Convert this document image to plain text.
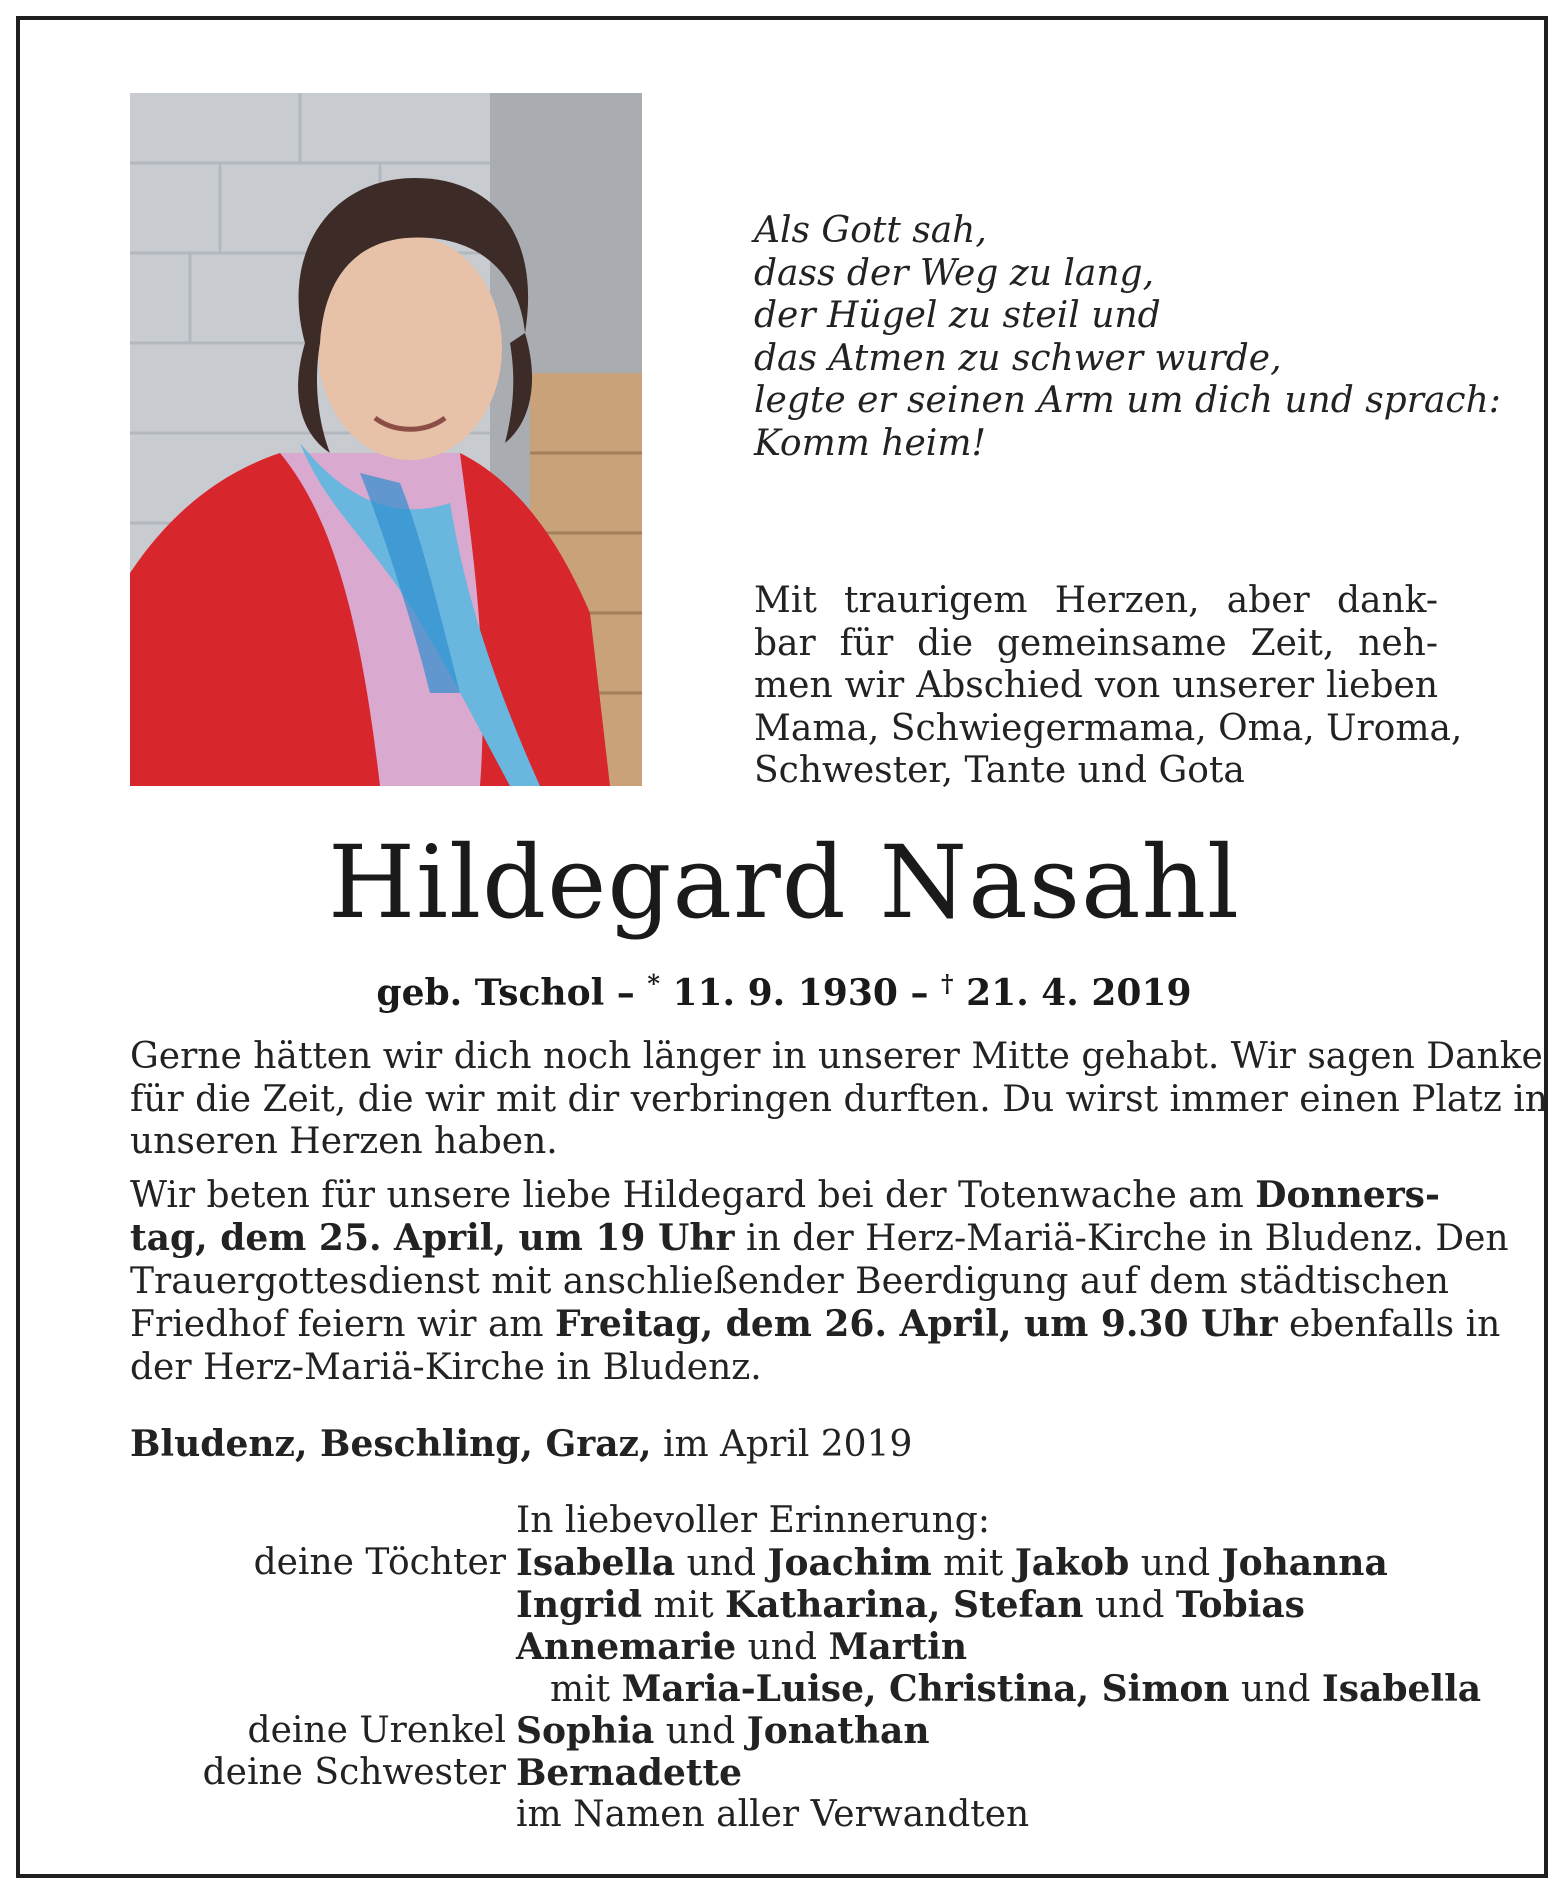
Als Gott sah,
dass der Weg zu lang,
der Hügel zu steil und
das Atmen zu schwer wurde,
legte er seinen Arm um dich und sprach:
Komm heim!
Mit traurigem Herzen, aber dank-
bar für die gemeinsame Zeit, neh-
men wir Abschied von unserer lieben
Mama, Schwiegermama, Oma, Uroma,
Schwester, Tante und Gota
Hildegard Nasahl
geb. Tschol – * 11. 9. 1930 – † 21. 4. 2019
Gerne hätten wir dich noch länger in unserer Mitte gehabt. Wir sagen Danke
für die Zeit, die wir mit dir verbringen durften. Du wirst immer einen Platz in
unseren Herzen haben.
Wir beten für unsere liebe Hildegard bei der Totenwache am Donners-
tag, dem 25. April, um 19 Uhr in der Herz-Mariä-Kirche in Bludenz. Den
Trauergottesdienst mit anschließender Beerdigung auf dem städtischen
Friedhof feiern wir am Freitag, dem 26. April, um 9.30 Uhr ebenfalls in
der Herz-Mariä-Kirche in Bludenz.
Bludenz, Beschling, Graz, im April 2019
In liebevoller Erinnerung:
deine Töchter Isabella und Joachim mit Jakob und Johanna
Ingrid mit Katharina, Stefan und Tobias
Annemarie und Martin
mit Maria-Luise, Christina, Simon und Isabella
deine Urenkel Sophia und Jonathan
deine Schwester Bernadette
im Namen aller Verwandten
